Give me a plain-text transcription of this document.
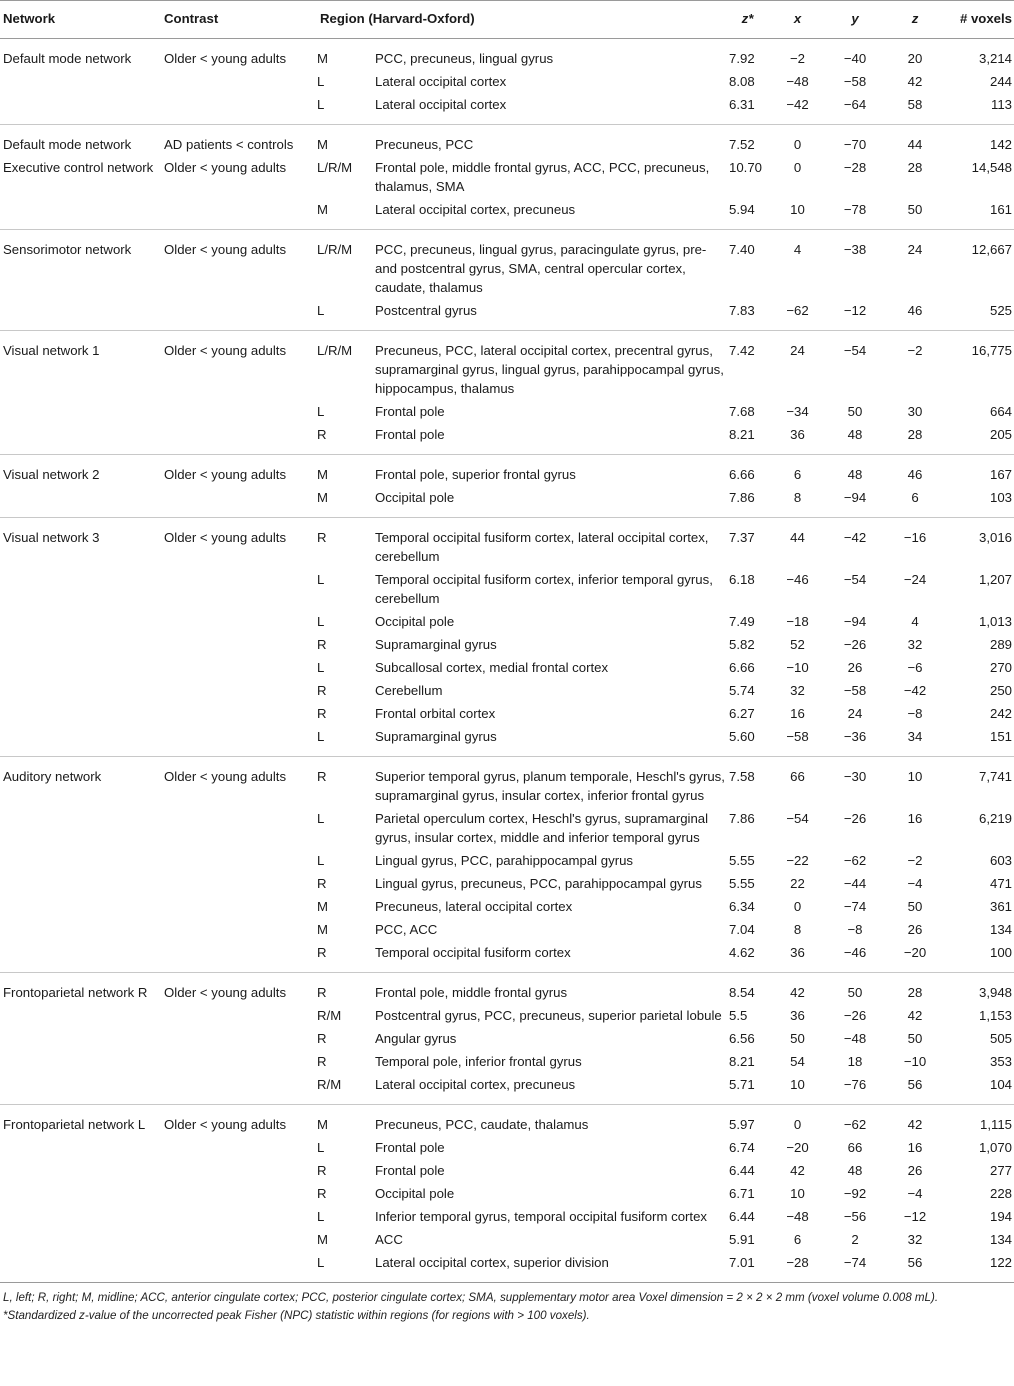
Network	Contrast	Region (Harvard-Oxford)		z*	x	y	z	# voxels
Default mode network	Older < young adults	M	PCC, precuneus, lingual gyrus	7.92	−2	−40	20	3,214
		L	Lateral occipital cortex	8.08	−48	−58	42	244
		L	Lateral occipital cortex	6.31	−42	−64	58	113
Default mode network	AD patients < controls	M	Precuneus, PCC	7.52	0	−70	44	142
Executive control network	Older < young adults	L/R/M	Frontal pole, middle frontal gyrus, ACC, PCC, precuneus, thalamus, SMA	10.70	0	−28	28	14,548
		M	Lateral occipital cortex, precuneus	5.94	10	−78	50	161
Sensorimotor network	Older < young adults	L/R/M	PCC, precuneus, lingual gyrus, paracingulate gyrus, pre- and postcentral gyrus, SMA, central opercular cortex, caudate, thalamus	7.40	4	−38	24	12,667
		L	Postcentral gyrus	7.83	−62	−12	46	525
Visual network 1	Older < young adults	L/R/M	Precuneus, PCC, lateral occipital cortex, precentral gyrus, supramarginal gyrus, lingual gyrus, parahippocampal gyrus, hippocampus, thalamus	7.42	24	−54	−2	16,775
		L	Frontal pole	7.68	−34	50	30	664
		R	Frontal pole	8.21	36	48	28	205
Visual network 2	Older < young adults	M	Frontal pole, superior frontal gyrus	6.66	6	48	46	167
		M	Occipital pole	7.86	8	−94	6	103
Visual network 3	Older < young adults	R	Temporal occipital fusiform cortex, lateral occipital cortex, cerebellum	7.37	44	−42	−16	3,016
		L	Temporal occipital fusiform cortex, inferior temporal gyrus, cerebellum	6.18	−46	−54	−24	1,207
		L	Occipital pole	7.49	−18	−94	4	1,013
		R	Supramarginal gyrus	5.82	52	−26	32	289
		L	Subcallosal cortex, medial frontal cortex	6.66	−10	26	−6	270
		R	Cerebellum	5.74	32	−58	−42	250
		R	Frontal orbital cortex	6.27	16	24	−8	242
		L	Supramarginal gyrus	5.60	−58	−36	34	151
Auditory network	Older < young adults	R	Superior temporal gyrus, planum temporale, Heschl's gyrus, supramarginal gyrus, insular cortex, inferior frontal gyrus	7.58	66	−30	10	7,741
		L	Parietal operculum cortex, Heschl's gyrus, supramarginal gyrus, insular cortex, middle and inferior temporal gyrus	7.86	−54	−26	16	6,219
		L	Lingual gyrus, PCC, parahippocampal gyrus	5.55	−22	−62	−2	603
		R	Lingual gyrus, precuneus, PCC, parahippocampal gyrus	5.55	22	−44	−4	471
		M	Precuneus, lateral occipital cortex	6.34	0	−74	50	361
		M	PCC, ACC	7.04	8	−8	26	134
		R	Temporal occipital fusiform cortex	4.62	36	−46	−20	100
Frontoparietal network R	Older < young adults	R	Frontal pole, middle frontal gyrus	8.54	42	50	28	3,948
		R/M	Postcentral gyrus, PCC, precuneus, superior parietal lobule	5.5	36	−26	42	1,153
		R	Angular gyrus	6.56	50	−48	50	505
		R	Temporal pole, inferior frontal gyrus	8.21	54	18	−10	353
		R/M	Lateral occipital cortex, precuneus	5.71	10	−76	56	104
Frontoparietal network L	Older < young adults	M	Precuneus, PCC, caudate, thalamus	5.97	0	−62	42	1,115
		L	Frontal pole	6.74	−20	66	16	1,070
		R	Frontal pole	6.44	42	48	26	277
		R	Occipital pole	6.71	10	−92	−4	228
		L	Inferior temporal gyrus, temporal occipital fusiform cortex	6.44	−48	−56	−12	194
		M	ACC	5.91	6	2	32	134
		L	Lateral occipital cortex, superior division	7.01	−28	−74	56	122

L, left; R, right; M, midline; ACC, anterior cingulate cortex; PCC, posterior cingulate cortex; SMA, supplementary motor area Voxel dimension = 2 × 2 × 2 mm (voxel volume 0.008 mL).

*Standardized z-value of the uncorrected peak Fisher (NPC) statistic within regions (for regions with > 100 voxels).
